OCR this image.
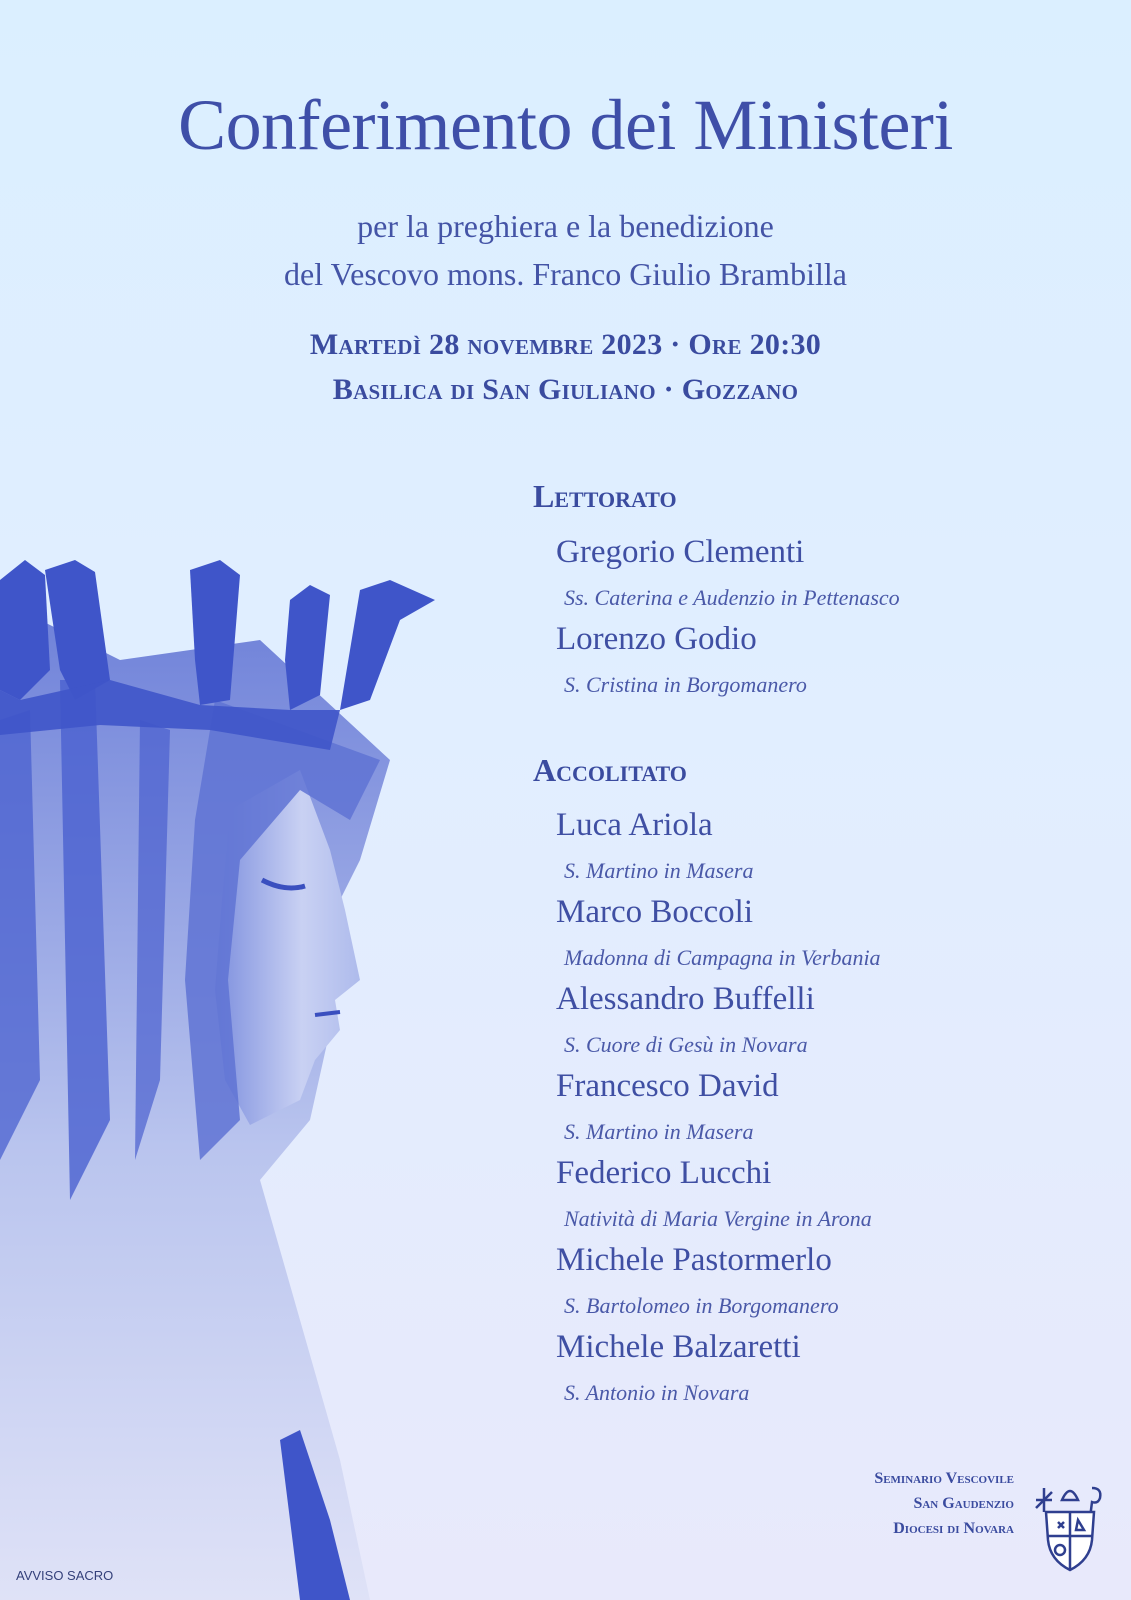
Conferimento dei Ministeri
per la preghiera e la benedizione
del Vescovo mons. Franco Giulio Brambilla
Martedì 28 novembre 2023 · Ore 20:30
Basilica di San Giuliano · Gozzano
Lettorato
Gregorio Clementi
Ss. Caterina e Audenzio in Pettenasco
Lorenzo Godio
S. Cristina in Borgomanero
Accolitato
Luca Ariola
S. Martino in Masera
Marco Boccoli
Madonna di Campagna in Verbania
Alessandro Buffelli
S. Cuore di Gesù in Novara
Francesco David
S. Martino in Masera
Federico Lucchi
Natività di Maria Vergine in Arona
Michele Pastormerlo
S. Bartolomeo in Borgomanero
Michele Balzaretti
S. Antonio in Novara
Seminario Vescovile
San Gaudenzio
Diocesi di Novara
AVVISO SACRO
